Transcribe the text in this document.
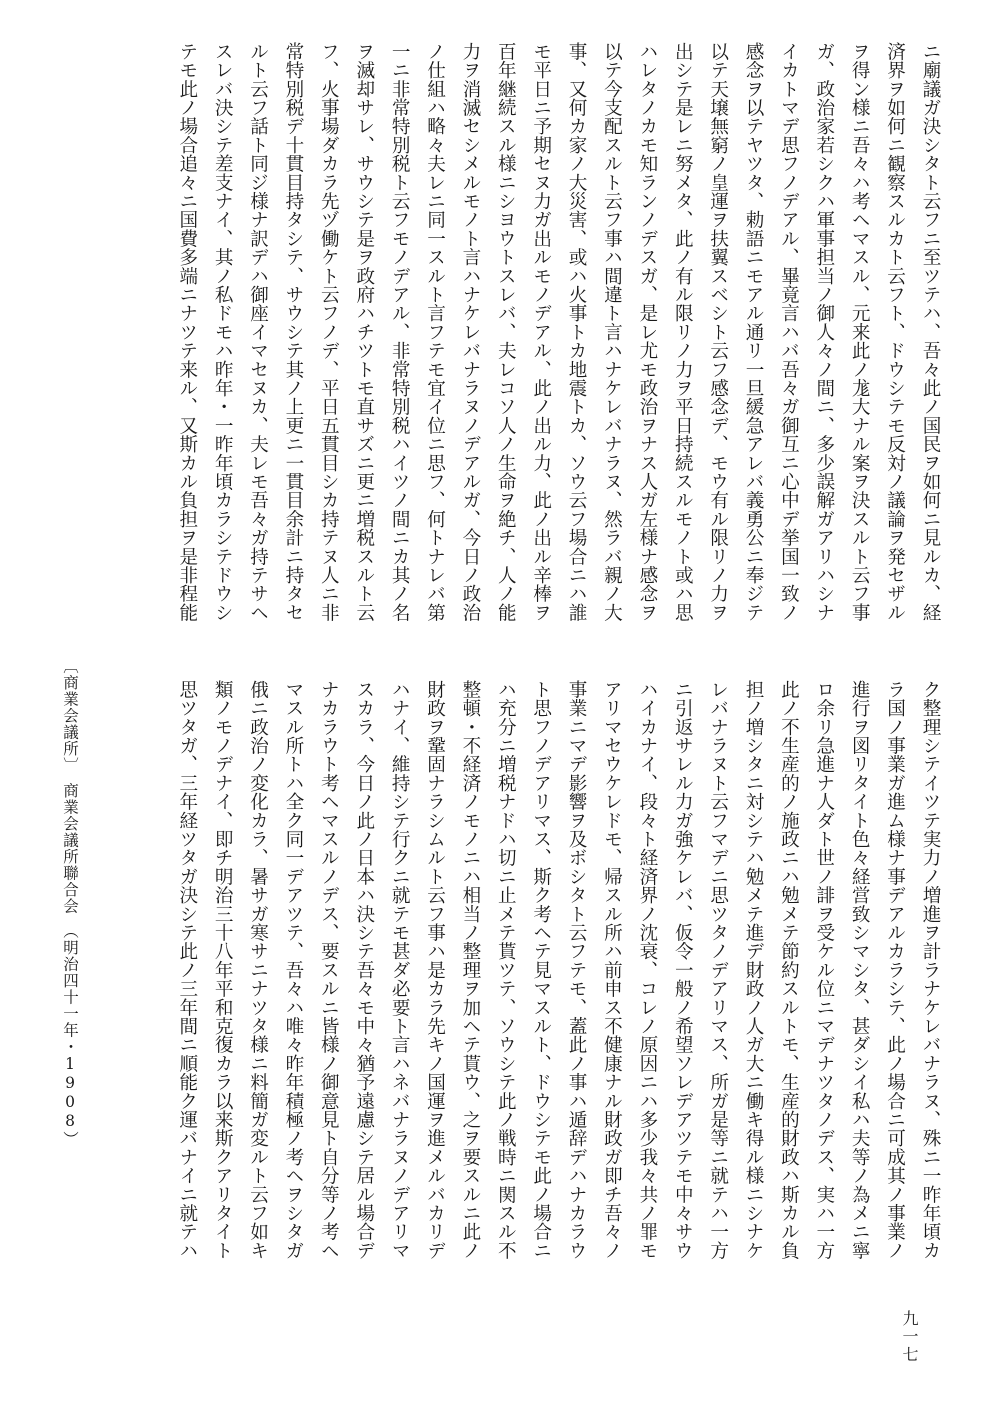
ニ廟議ガ決シタト云フニ至ツテハ、吾々此ノ国民ヲ如何ニ見ルカ、経
済界ヲ如何ニ観察スルカト云フト、ドウシテモ反対ノ議論ヲ発セザル
ヲ得ン様ニ吾々ハ考ヘマスル、元来此ノ尨大ナル案ヲ決スルト云フ事
ガ、政治家若シクハ軍事担当ノ御人々ノ間ニ、多少誤解ガアリハシナ
イカトマデ思フノデアル、畢竟言ハバ吾々ガ御互ニ心中デ挙国一致ノ
感念ヲ以テヤツタ、勅語ニモアル通リ一旦緩急アレバ義勇公ニ奉ジテ
以テ天壌無窮ノ皇運ヲ扶翼スベシト云フ感念デ、モウ有ル限リノ力ヲ
出シテ是レニ努メタ、此ノ有ル限リノ力ヲ平日持続スルモノト或ハ思
ハレタノカモ知ランノデスガ、是レ尤モ政治ヲナス人ガ左様ナ感念ヲ
以テ今支配スルト云フ事ハ間違ト言ハナケレバナラヌ、然ラバ親ノ大
事、又何カ家ノ大災害、或ハ火事トカ地震トカ、ソウ云フ場合ニハ誰
モ平日ニ予期セヌ力ガ出ルモノデアル、此ノ出ル力、此ノ出ル辛棒ヲ
百年継続スル様ニシヨウトスレバ、夫レコソ人ノ生命ヲ絶チ、人ノ能
力ヲ消滅セシメルモノト言ハナケレバナラヌノデアルガ、今日ノ政治
ノ仕組ハ略々夫レニ同一スルト言フテモ宜イ位ニ思フ、何トナレバ第
一ニ非常特別税ト云フモノデアル、非常特別税ハイツノ間ニカ其ノ名
ヲ滅却サレ、サウシテ是ヲ政府ハチツトモ直サズニ更ニ増税スルト云
フ、火事場ダカラ先ヅ働ケト云フノデ、平日五貫目シカ持テヌ人ニ非
常特別税デ十貫目持タシテ、サウシテ其ノ上更ニ一貫目余計ニ持タセ
ルト云フ話ト同ジ様ナ訳デハ御座イマセヌカ、夫レモ吾々ガ持テサヘ
スレバ決シテ差支ナイ、其ノ私ドモハ昨年・一昨年頃カラシテドウシ
テモ此ノ場合追々ニ国費多端ニナツテ来ル、又斯カル負担ヲ是非程能
ク整理シテイツテ実力ノ増進ヲ計ラナケレバナラヌ、殊ニ一昨年頃カ
ラ国ノ事業ガ進ム様ナ事デアルカラシテ、此ノ場合ニ可成其ノ事業ノ
進行ヲ図リタイト色々経営致シマシタ、甚ダシイ私ハ夫等ノ為メニ寧
ロ余リ急進ナ人ダト世ノ誹ヲ受ケル位ニマデナツタノデス、実ハ一方
此ノ不生産的ノ施政ニハ勉メテ節約スルトモ、生産的財政ハ斯カル負
担ノ増シタニ対シテハ勉メテ進デ財政ノ人ガ大ニ働キ得ル様ニシナケ
レバナラヌト云フマデニ思ツタノデアリマス、所ガ是等ニ就テハ一方
ニ引返サレル力ガ強ケレバ、仮令一般ノ希望ソレデアツテモ中々サウ
ハイカナイ、段々ト経済界ノ沈衰、コレノ原因ニハ多少我々共ノ罪モ
アリマセウケレドモ、帰スル所ハ前申ス不健康ナル財政ガ即チ吾々ノ
事業ニマデ影響ヲ及ボシタト云フテモ、蓋此ノ事ハ遁辞デハナカラウ
ト思フノデアリマス、斯ク考ヘテ見マスルト、ドウシテモ此ノ場合ニ
ハ充分ニ増税ナドハ切ニ止メテ貰ツテ、ソウシテ此ノ戦時ニ関スル不
整頓・不経済ノモノニハ相当ノ整理ヲ加ヘテ貰ウ、之ヲ要スルニ此ノ
財政ヲ鞏固ナラシムルト云フ事ハ是カラ先キノ国運ヲ進メルバカリデ
ハナイ、維持シテ行クニ就テモ甚ダ必要ト言ハネバナラヌノデアリマ
スカラ、今日ノ此ノ日本ハ決シテ吾々モ中々猶予遠慮シテ居ル場合デ
ナカラウト考ヘマスルノデス、要スルニ皆様ノ御意見ト自分等ノ考ヘ
マスル所トハ全ク同一デアツテ、吾々ハ唯々昨年積極ノ考ヘヲシタガ
俄ニ政治ノ変化カラ、暑サガ寒サニナツタ様ニ料簡ガ変ルト云フ如キ
類ノモノデナイ、即チ明治三十八年平和克復カラ以来斯クアリタイト
思ツタガ、三年経ツタガ決シテ此ノ三年間ニ順能ク運バナイニ就テハ
〔商業会議所〕　商業会議所聯合会　（明治四十一年・1908）
九一七
